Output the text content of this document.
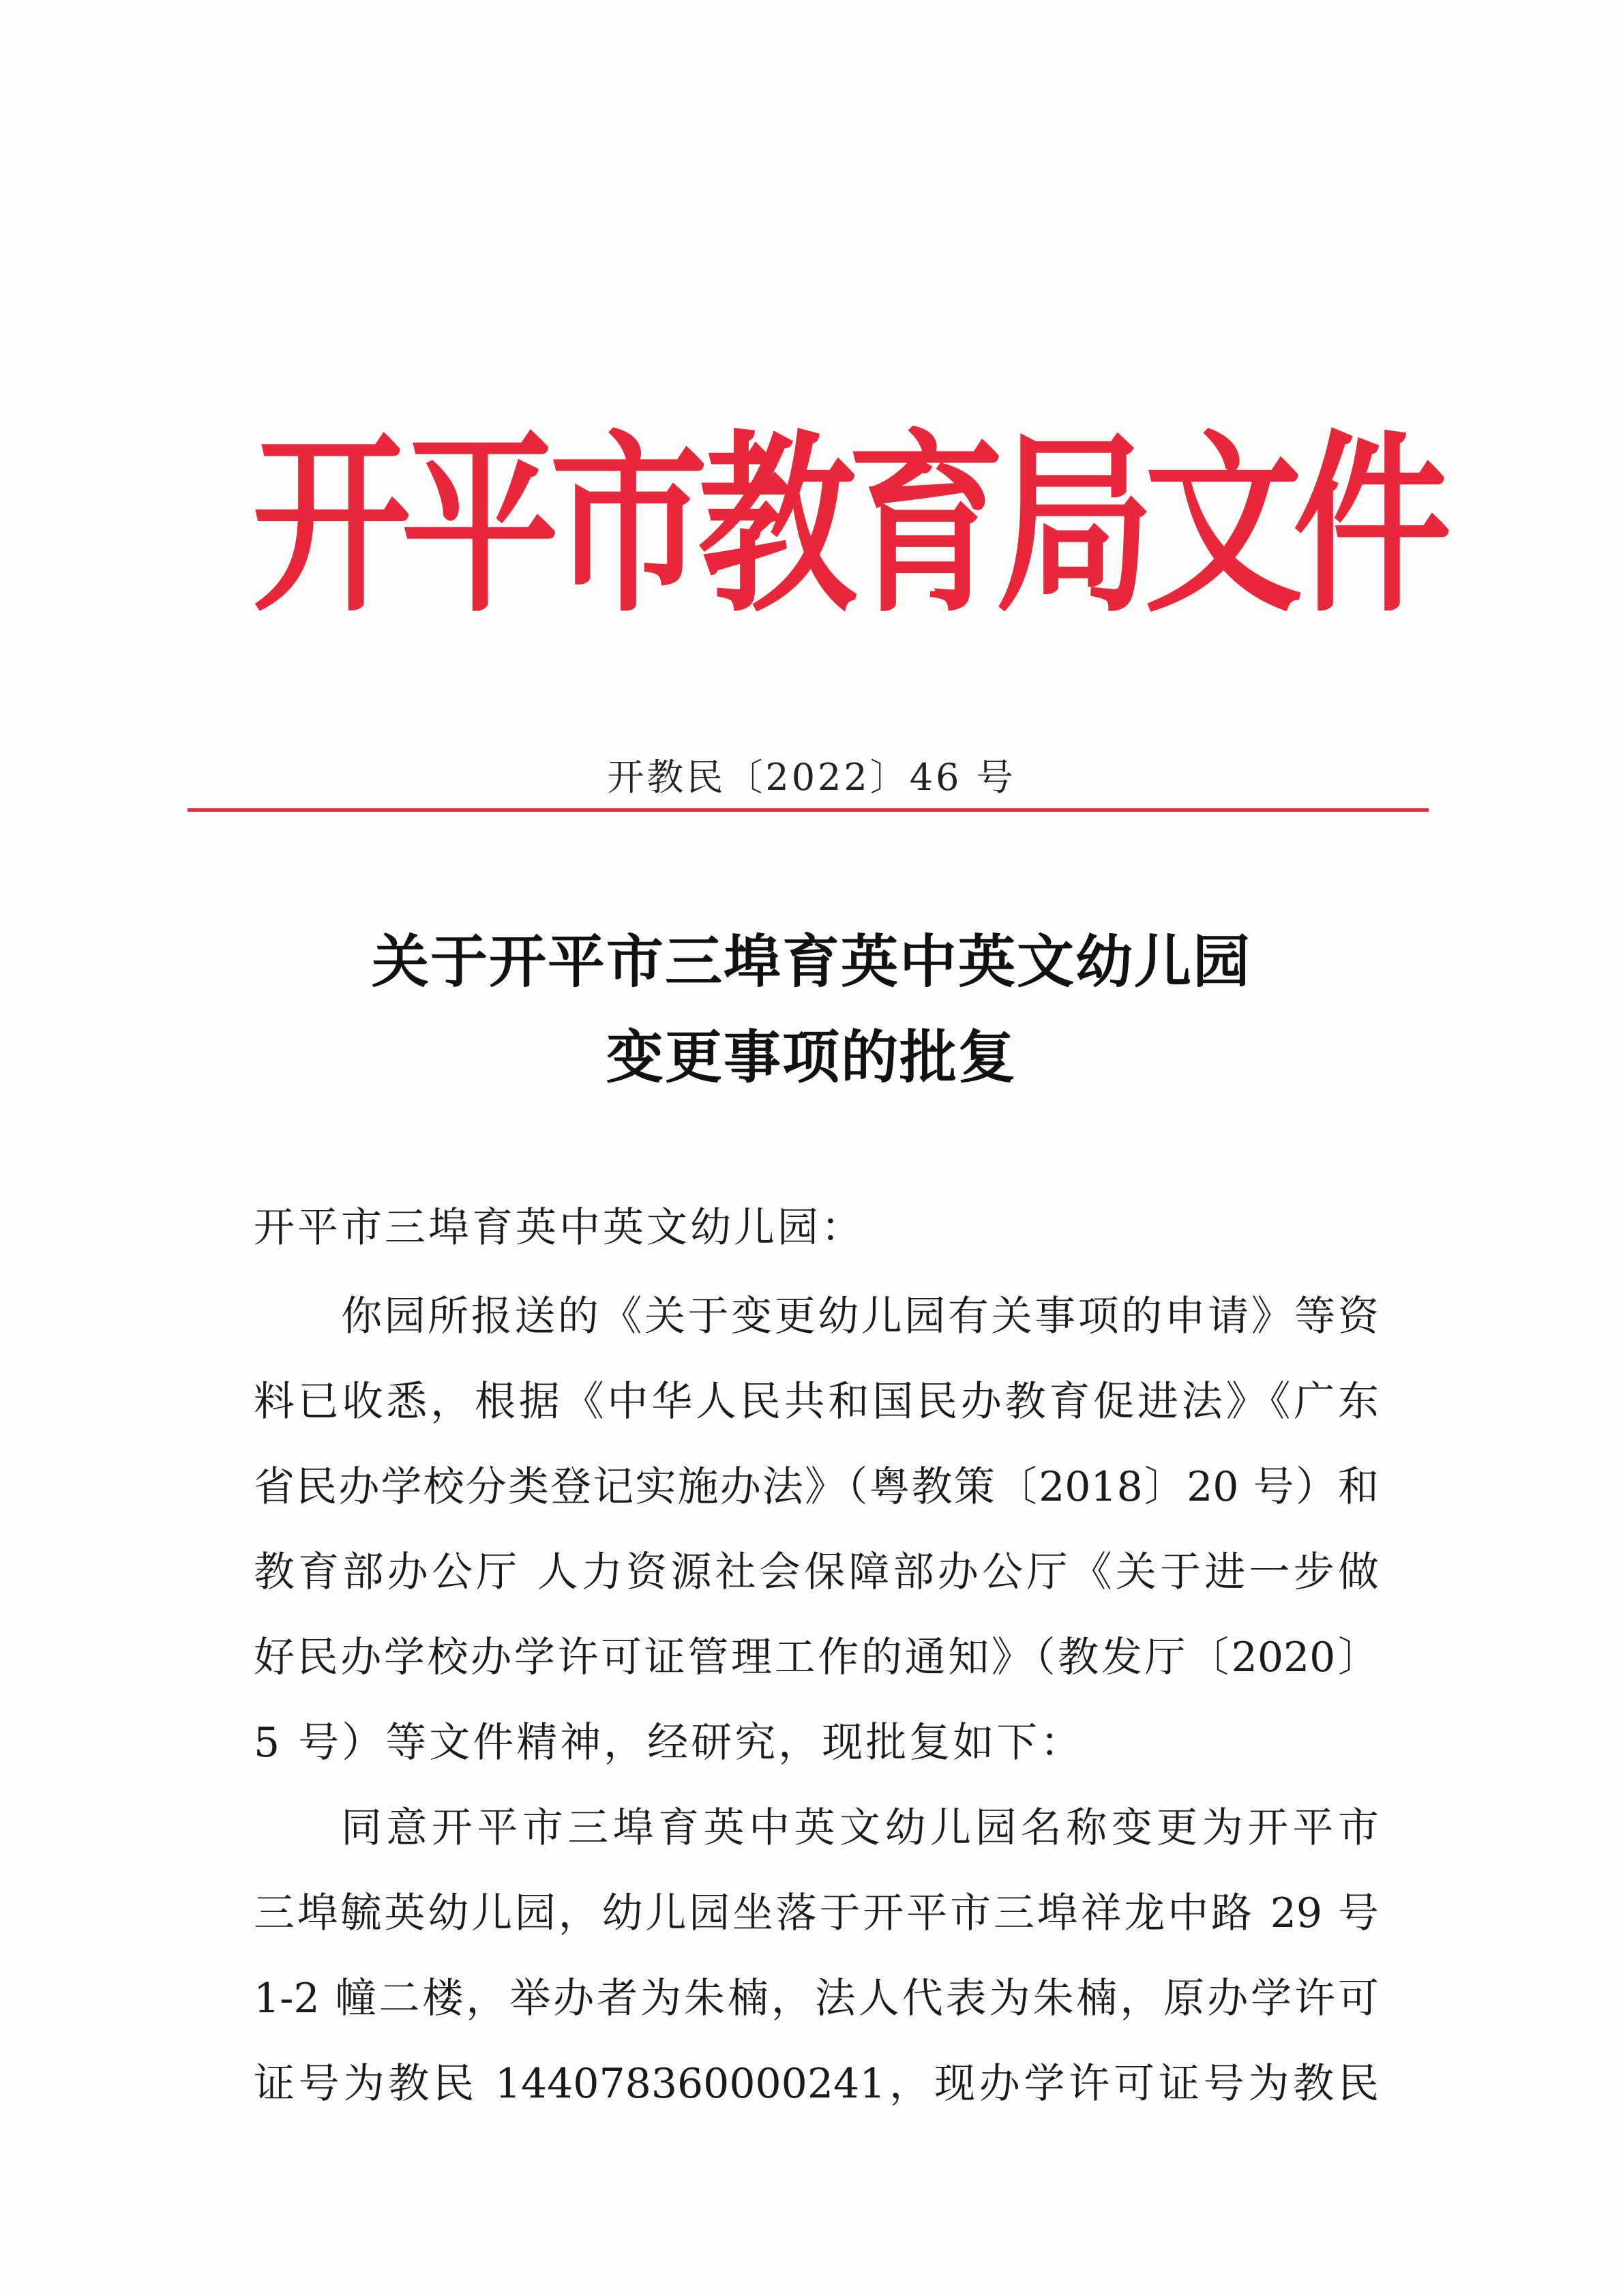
开平市教育局文件
开教民〔2022〕46 号
关于开平市三埠育英中英文幼儿园
变更事项的批复
开平市三埠育英中英文幼儿园：
你园所报送的《关于变更幼儿园有关事项的申请》等资
料已收悉，根据《中华人民共和国民办教育促进法》《广东
省民办学校分类登记实施办法》（粤教策〔2018〕20 号）和
教育部办公厅 人力资源社会保障部办公厅《关于进一步做
好民办学校办学许可证管理工作的通知》（教发厅〔2020〕
5 号）等文件精神，经研究，现批复如下：
同意开平市三埠育英中英文幼儿园名称变更为开平市
三埠毓英幼儿园，幼儿园坐落于开平市三埠祥龙中路 29 号
1-2 幢二楼，举办者为朱楠，法人代表为朱楠，原办学许可
证号为教民 144078360000241，现办学许可证号为教民
